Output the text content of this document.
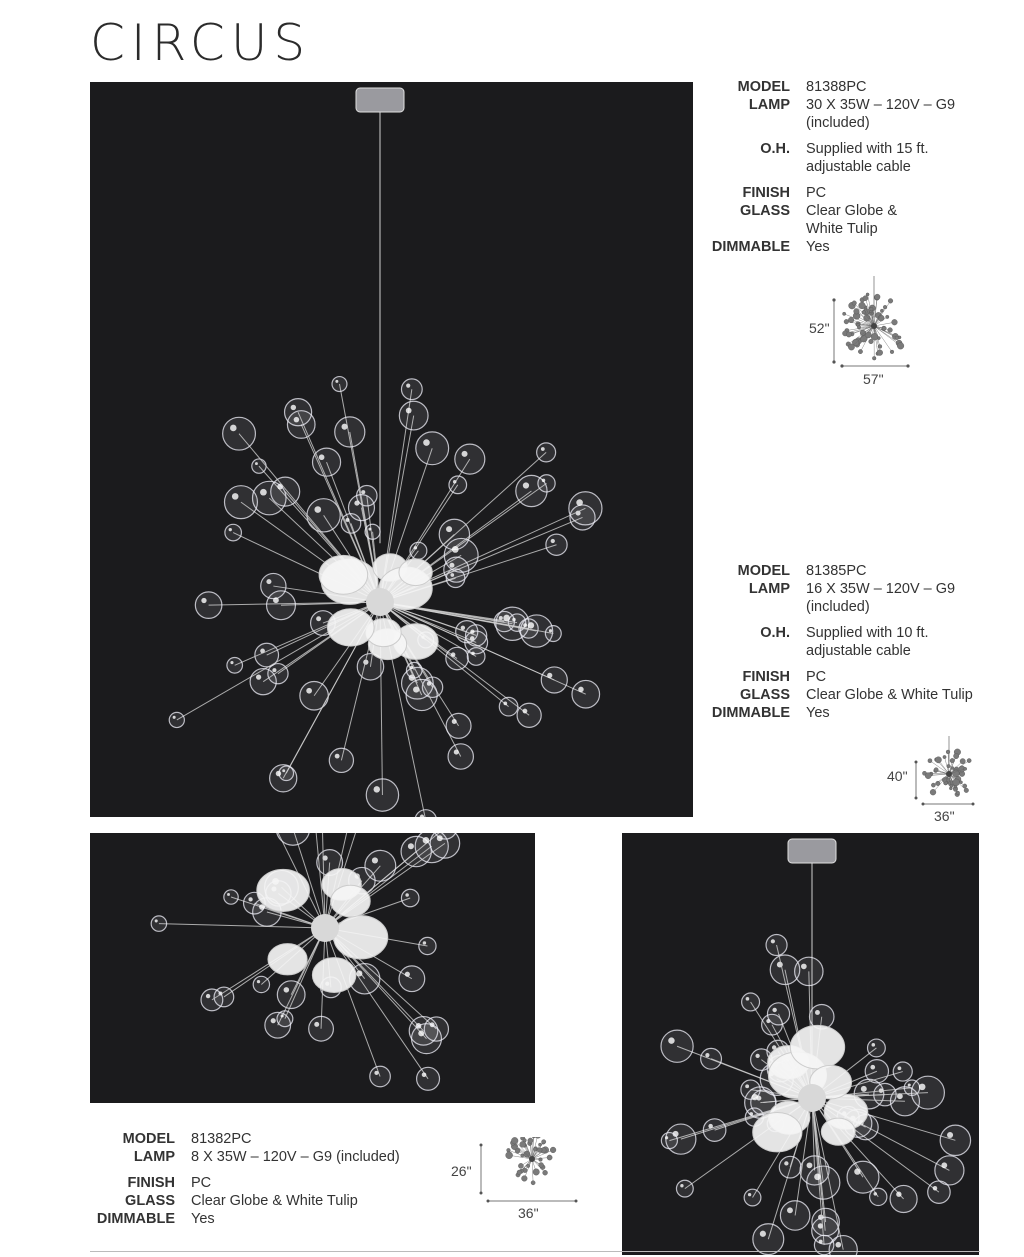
CIRCUS
MODEL	81388PC
LAMP	30 X 35W – 120V – G9 (included)
O.H.	Supplied with 15 ft. adjustable cable
FINISH	PC
GLASS	Clear Globe & White Tulip
DIMMABLE	Yes
52"
57"
MODEL	81385PC
LAMP	16 X 35W – 120V – G9 (included)
O.H.	Supplied with 10 ft. adjustable cable
FINISH	PC
GLASS	Clear Globe & White Tulip
DIMMABLE	Yes
40"
36"
MODEL	81382PC
LAMP	8 X 35W – 120V – G9 (included)
FINISH	PC
GLASS	Clear Globe & White Tulip
DIMMABLE	Yes
26"
36"
